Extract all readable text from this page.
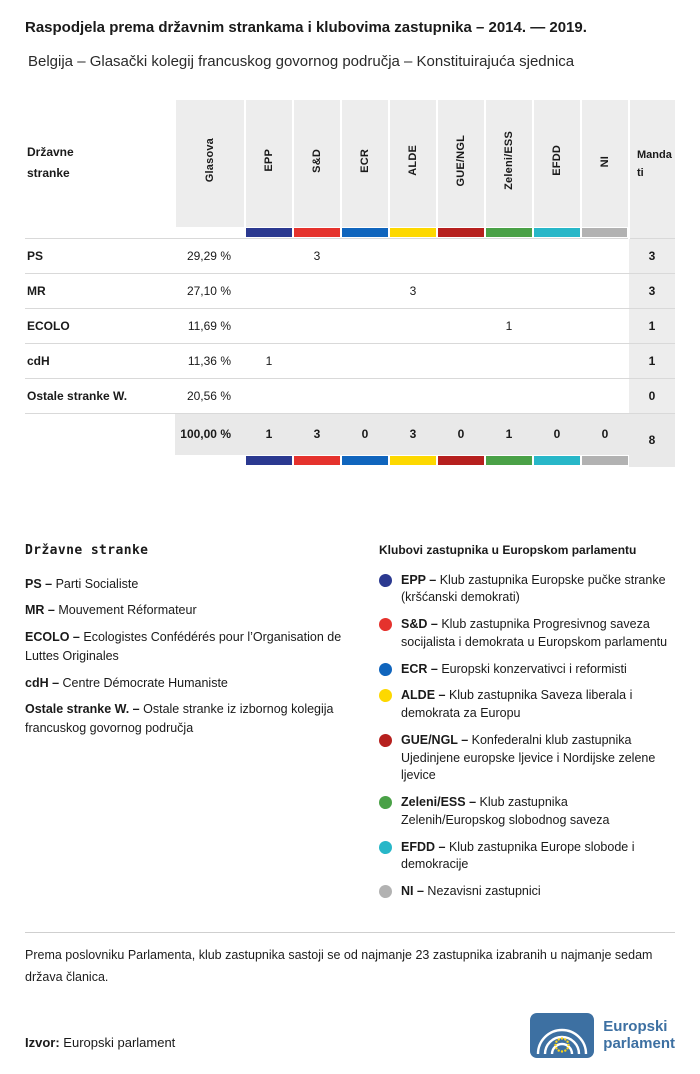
Raspodjela prema državnim strankama i klubovima zastupnika – 2014. — 2019.
Belgija – Glasački kolegij francuskog govornog područja – Konstituirajuća sjednica
Državne stranke	Glasova	EPP	S&D	ECR	ALDE	GUE/NGL	Zeleni/ESS	EFDD	NI	Mandati

PS	29,29 %		3							3
MR	27,10 %				3					3
ECOLO	11,69 %						1			1
cdH	11,36 %	1								1
Ostale stranke W.	20,56 %									0
	100,00 %	1	3	0	3	0	1	0	0	8

Državne stranke
PS – Parti Socialiste
MR – Mouvement Réformateur
ECOLO – Ecologistes Confédérés pour l’Organisation de Luttes Originales
cdH – Centre Démocrate Humaniste
Ostale stranke W. – Ostale stranke iz izbornog kolegija francuskog govornog područja
Klubovi zastupnika u Europskom parlamentu
EPP – Klub zastupnika Europske pučke stranke (kršćanski demokrati)
S&D – Klub zastupnika Progresivnog saveza socijalista i demokrata u Europskom parlamentu
ECR – Europski konzervativci i reformisti
ALDE – Klub zastupnika Saveza liberala i demokrata za Europu
GUE/NGL – Konfederalni klub zastupnika Ujedinjene europske ljevice i Nordijske zelene ljevice
Zeleni/ESS – Klub zastupnika Zelenih/Europskog slobodnog saveza
EFDD – Klub zastupnika Europe slobode i demokracije
NI – Nezavisni zastupnici

Prema poslovniku Parlamenta, klub zastupnika sastoji se od najmanje 23 zastupnika izabranih u najmanje sedam država članica.

Izvor: Europski parlament
Europski
parlament
